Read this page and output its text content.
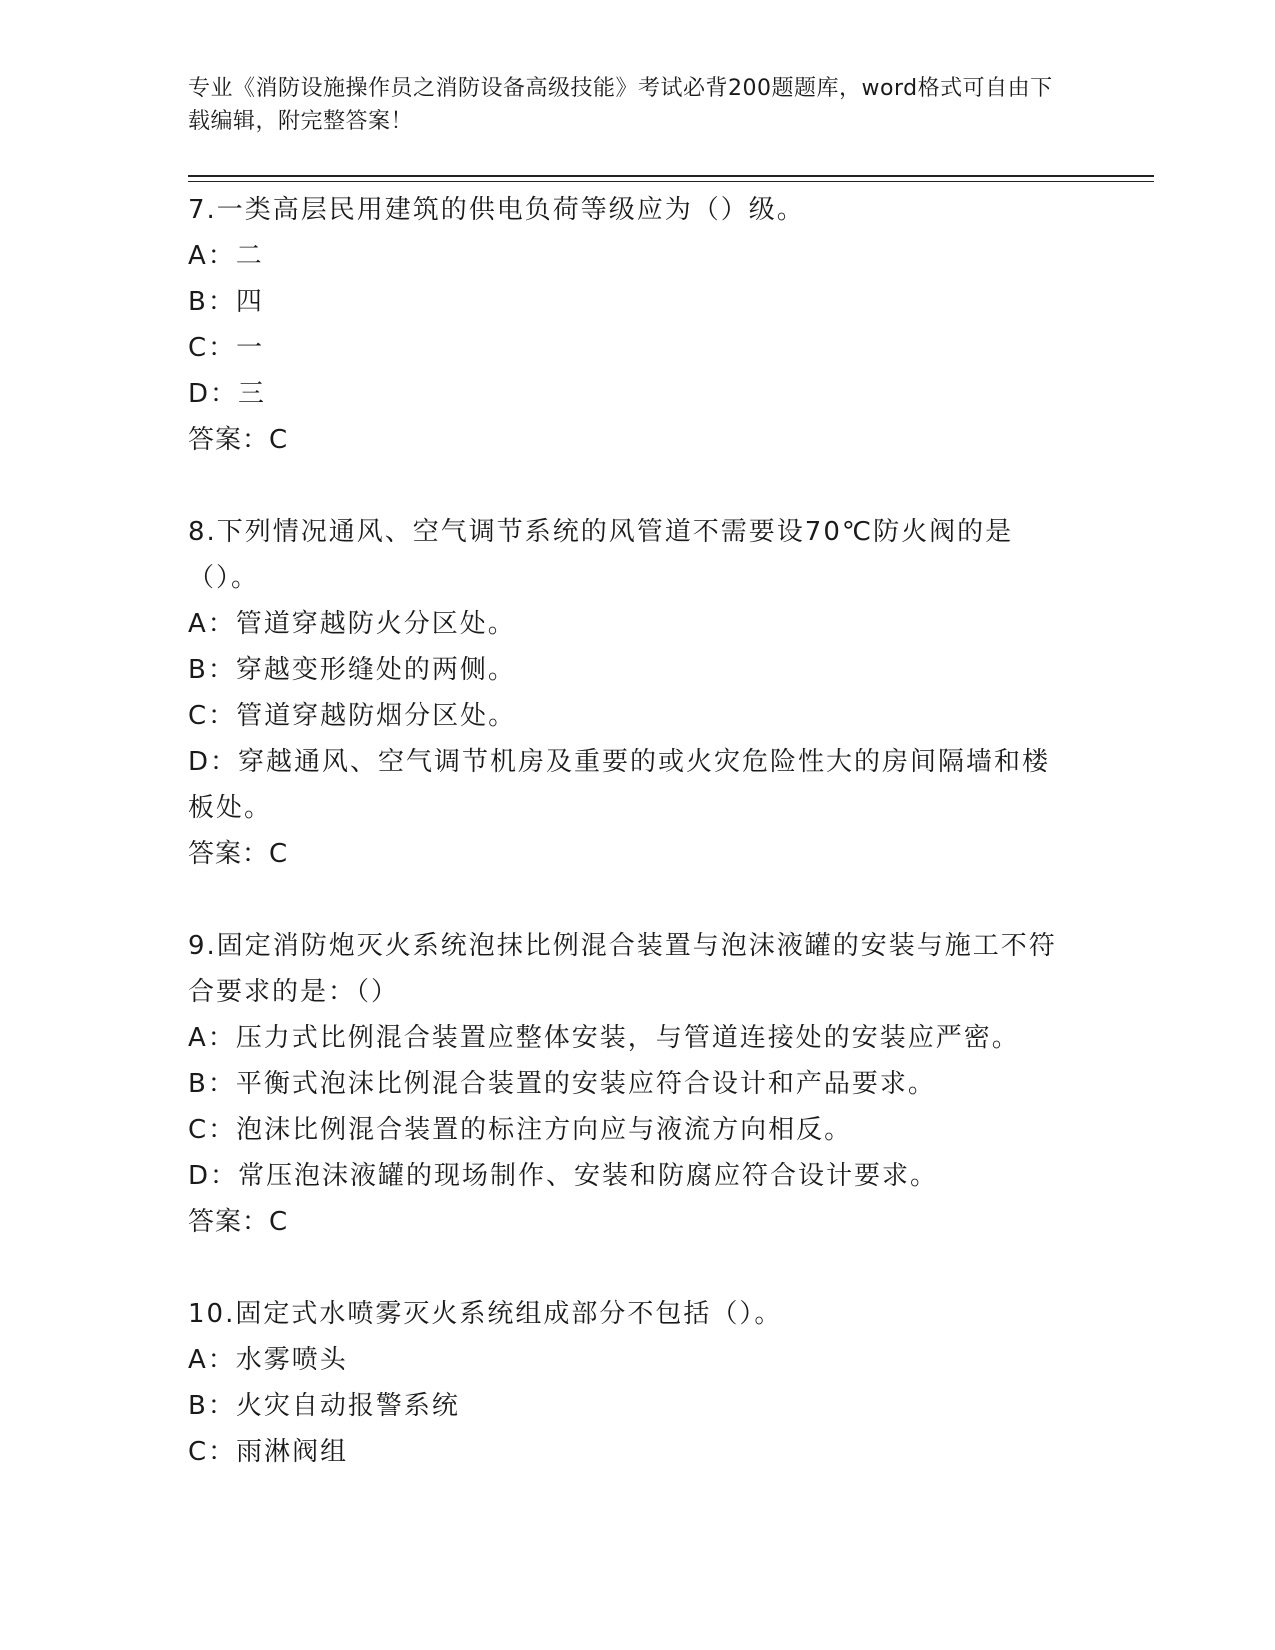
专业《消防设施操作员之消防设备高级技能》考试必背200题题库，word格式可自由下载编辑，附完整答案！

7.一类高层民用建筑的供电负荷等级应为（）级。

A：二

B：四

C：一

D：三

答案：C

8.下列情况通风、空气调节系统的风管道不需要设70℃防火阀的是（）。

A：管道穿越防火分区处。

B：穿越变形缝处的两侧。

C：管道穿越防烟分区处。

D：穿越通风、空气调节机房及重要的或火灾危险性大的房间隔墙和楼板处。

答案：C

9.固定消防炮灭火系统泡抹比例混合装置与泡沫液罐的安装与施工不符合要求的是：（）

A：压力式比例混合装置应整体安装，与管道连接处的安装应严密。

B：平衡式泡沫比例混合装置的安装应符合设计和产品要求。

C：泡沫比例混合装置的标注方向应与液流方向相反。

D：常压泡沫液罐的现场制作、安装和防腐应符合设计要求。

答案：C

10.固定式水喷雾灭火系统组成部分不包括（）。

A：水雾喷头

B：火灾自动报警系统

C：雨淋阀组
